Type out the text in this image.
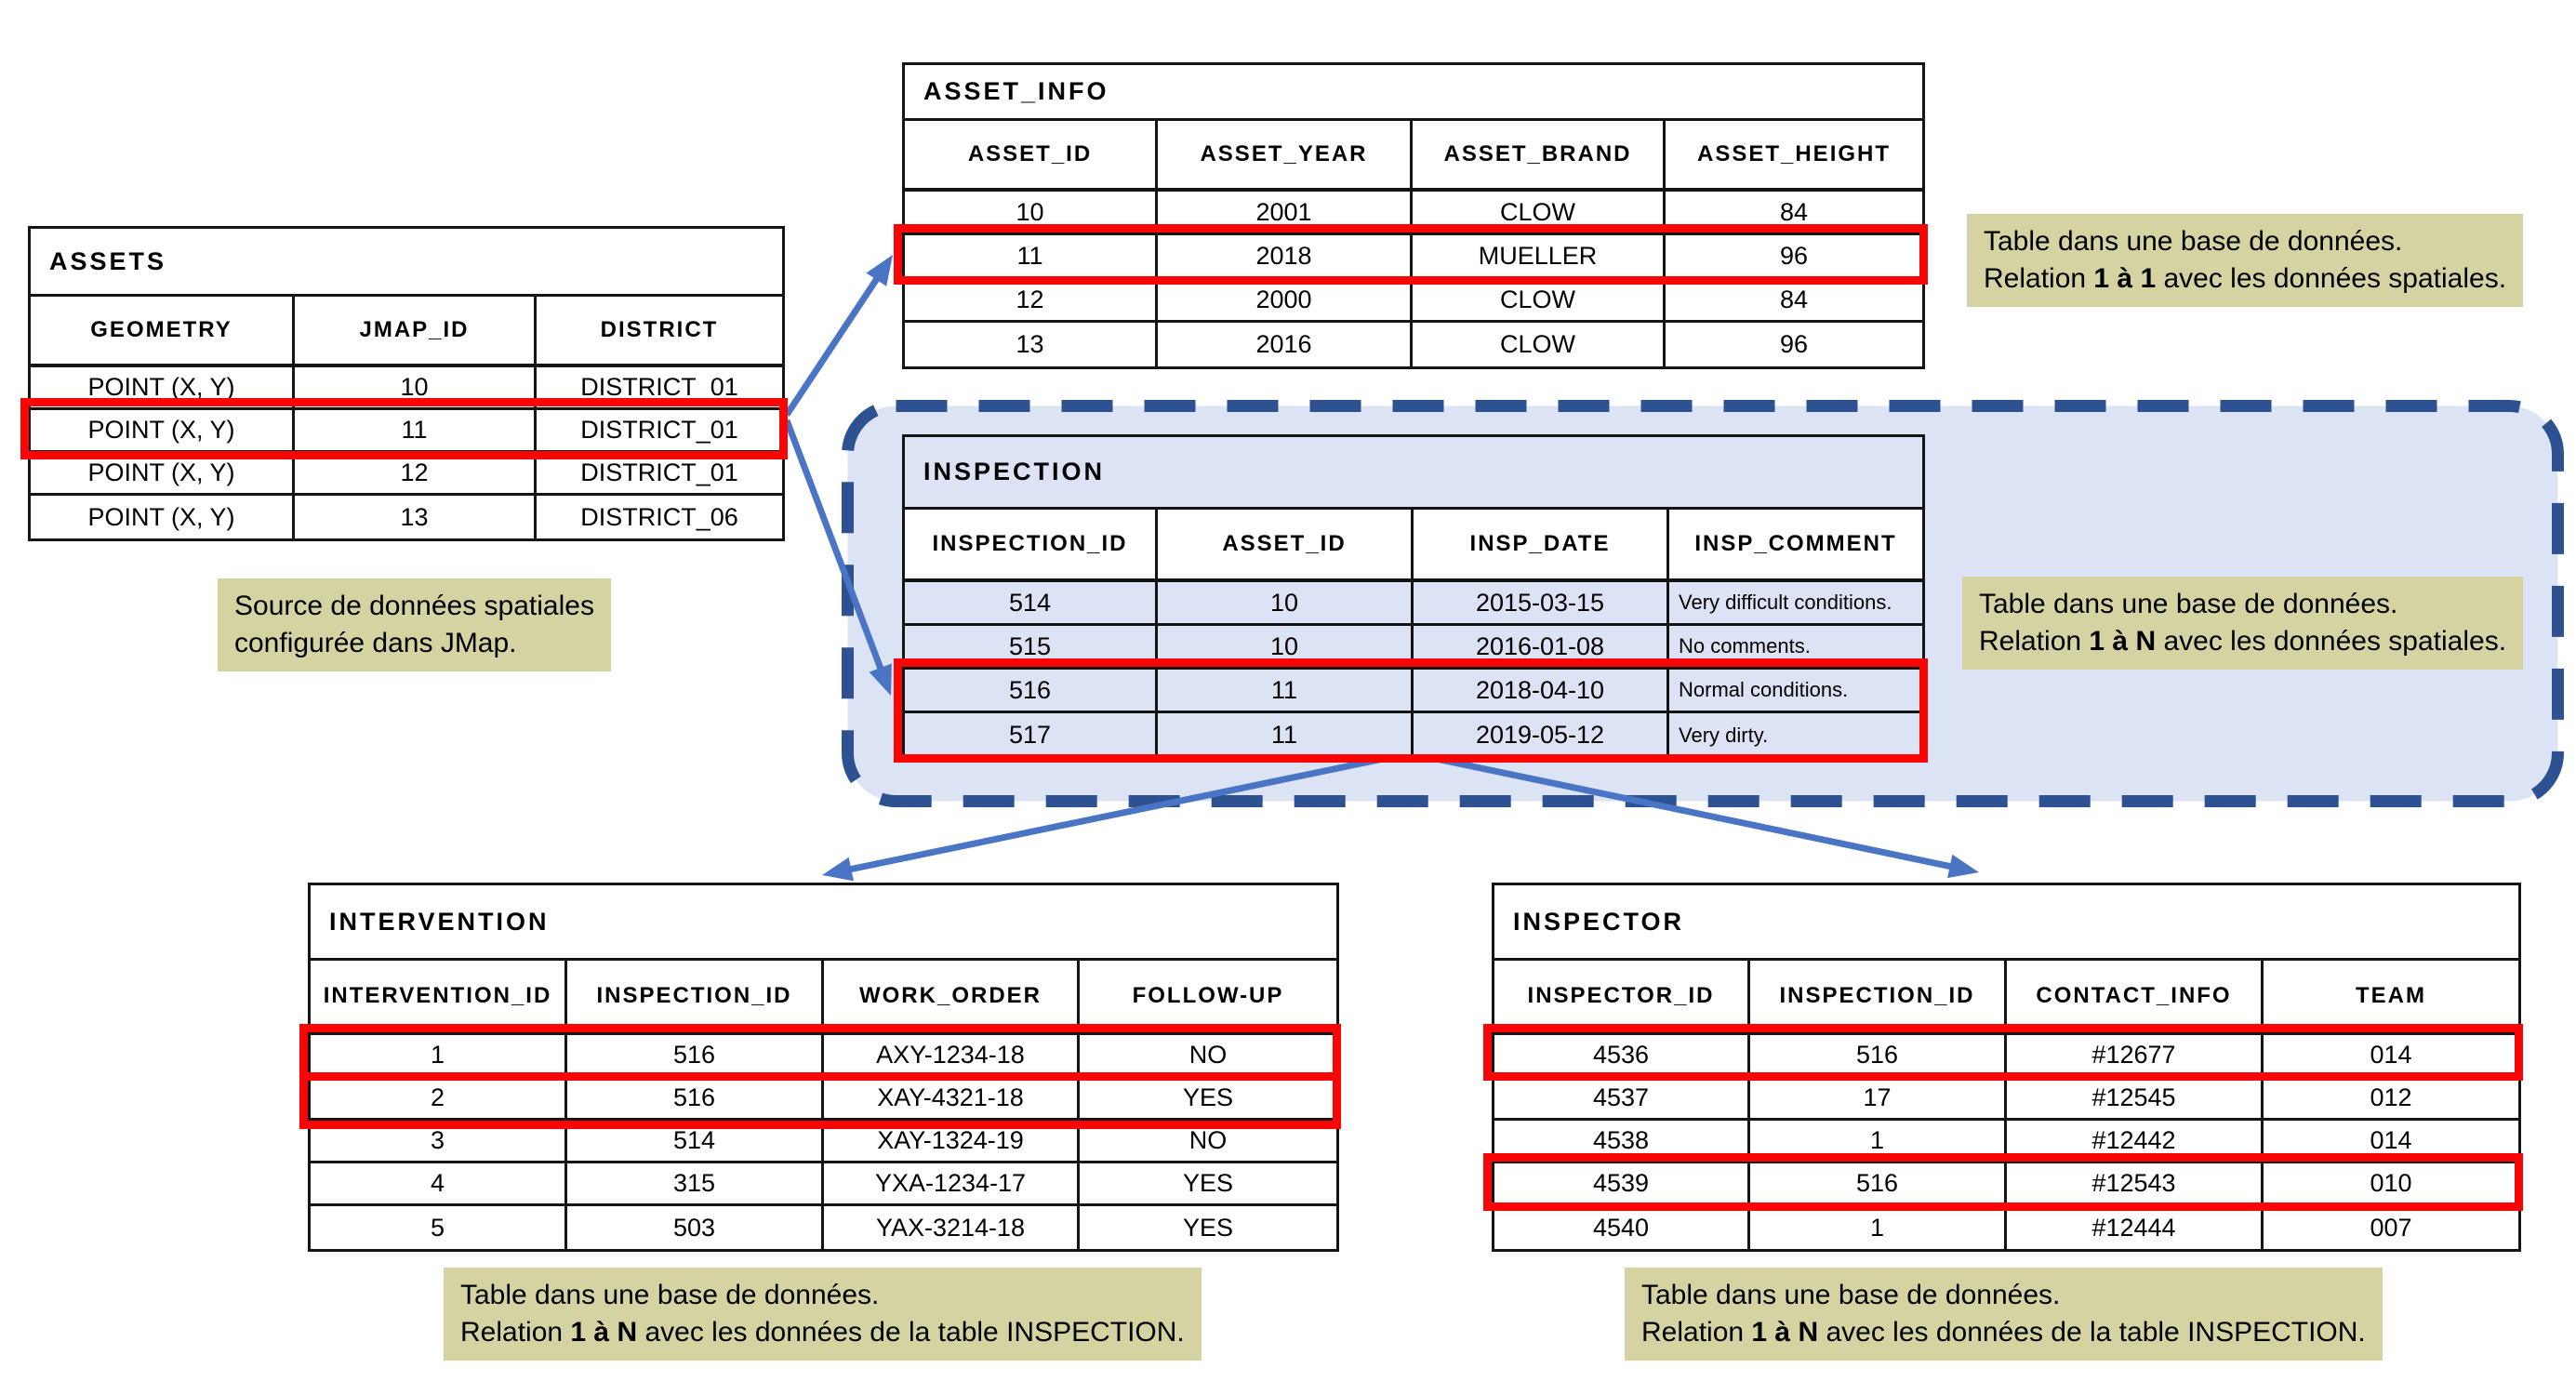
ASSETS
GEOMETRY	JMAP_ID	DISTRICT
POINT (X, Y)	10	DISTRICT_01
POINT (X, Y)	11	DISTRICT_01
POINT (X, Y)	12	DISTRICT_01
POINT (X, Y)	13	DISTRICT_06
ASSET_INFO
ASSET_ID	ASSET_YEAR	ASSET_BRAND	ASSET_HEIGHT
10	2001	CLOW	84
11	2018	MUELLER	96
12	2000	CLOW	84
13	2016	CLOW	96
INSPECTION
INSPECTION_ID	ASSET_ID	INSP_DATE	INSP_COMMENT
514	10	2015-03-15	Very difficult conditions.
515	10	2016-01-08	No comments.
516	11	2018-04-10	Normal conditions.
517	11	2019-05-12	Very dirty.
INTERVENTION
INTERVENTION_ID	INSPECTION_ID	WORK_ORDER	FOLLOW-UP
1	516	AXY-1234-18	NO
2	516	XAY-4321-18	YES
3	514	XAY-1324-19	NO
4	315	YXA-1234-17	YES
5	503	YAX-3214-18	YES
INSPECTOR
INSPECTOR_ID	INSPECTION_ID	CONTACT_INFO	TEAM
4536	516	#12677	014
4537	17	#12545	012
4538	1	#12442	014
4539	516	#12543	010
4540	1	#12444	007
Source de données spatiales
configurée dans JMap.
Table dans une base de données.
Relation 1 à 1 avec les données spatiales.
Table dans une base de données.
Relation 1 à N avec les données spatiales.
Table dans une base de données.
Relation 1 à N avec les données de la table INSPECTION.
Table dans une base de données.
Relation 1 à N avec les données de la table INSPECTION.
